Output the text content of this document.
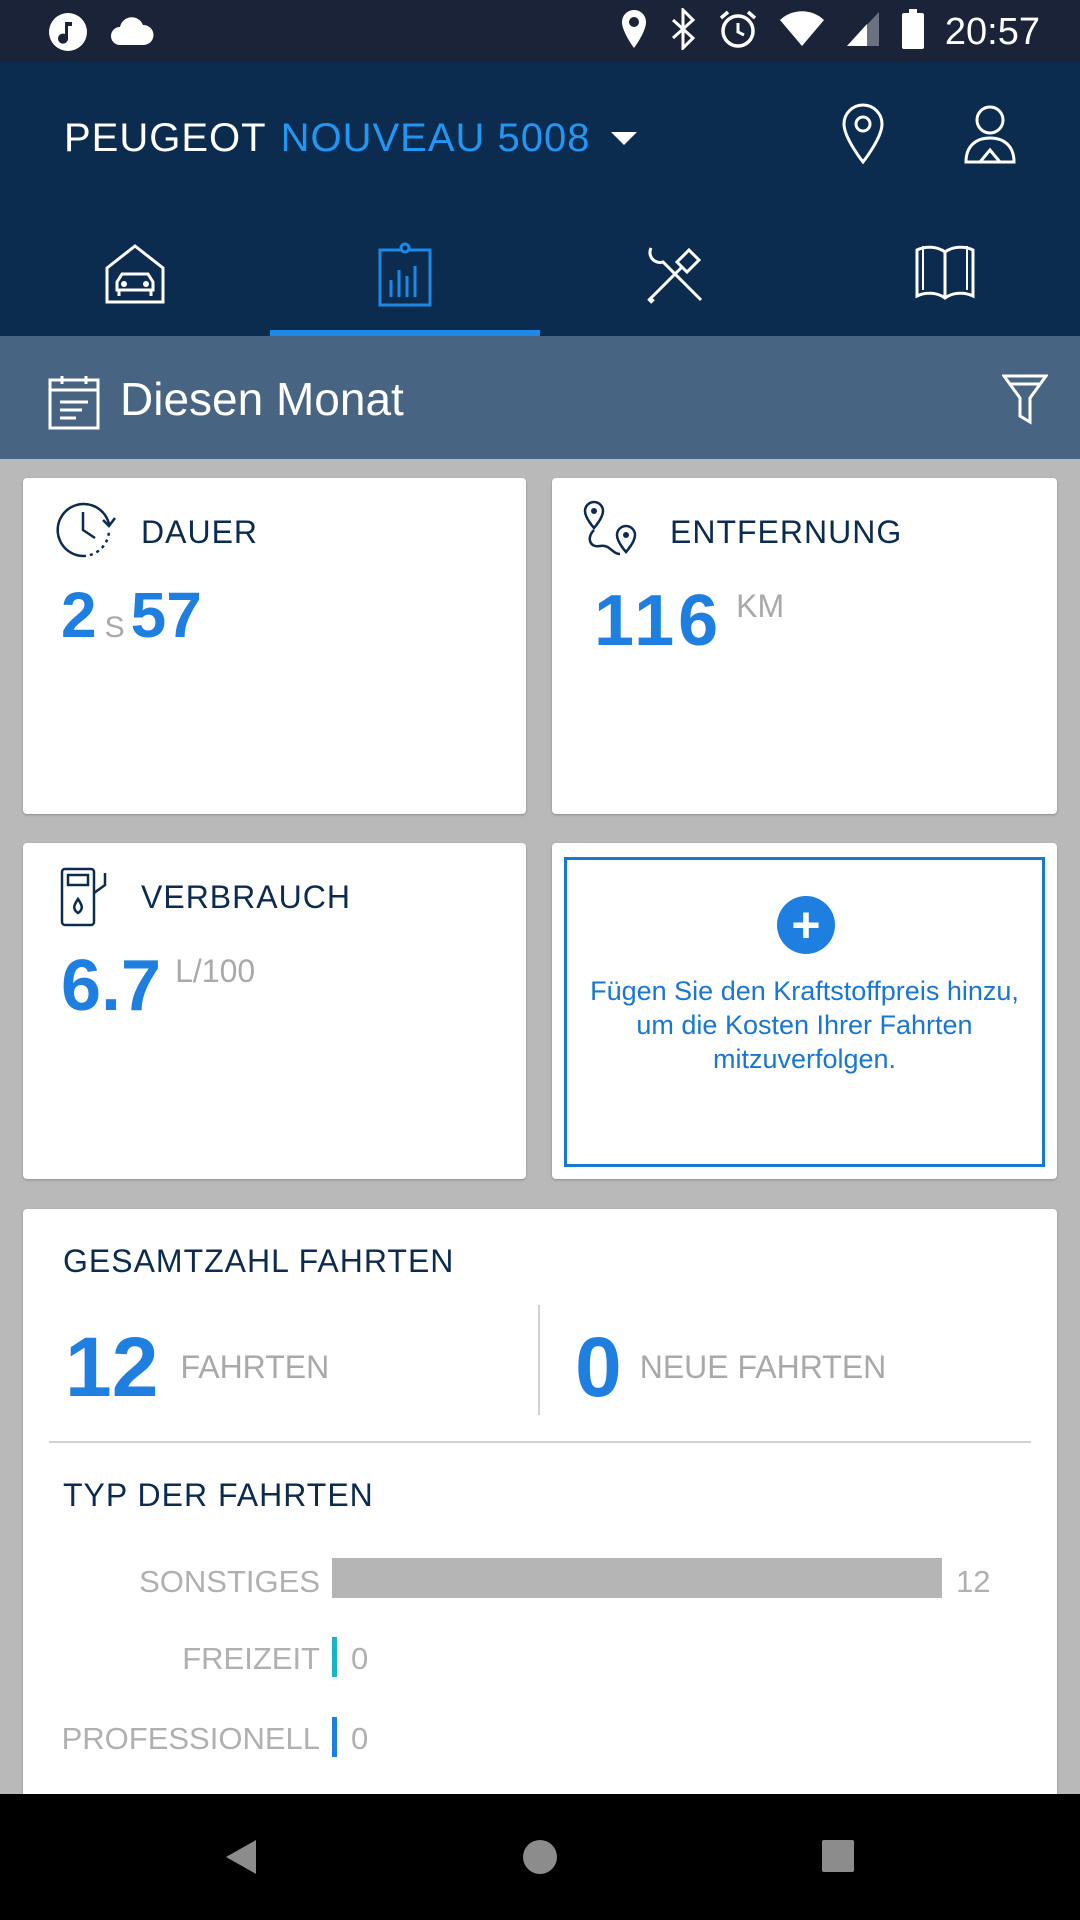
20:57
PEUGEOT NOUVEAU 5008
Diesen Monat
DAUER
2 S 57
ENTFERNUNG
116 KM
VERBRAUCH
6.7 L/100
+
Fügen Sie den Kraftstoffpreis hinzu, um die Kosten Ihrer Fahrten mitzuverfolgen.
GESAMTZAHL FAHRTEN
12 FAHRTEN	0 NEUE FAHRTEN
TYP DER FAHRTEN
SONSTIGES	12
FREIZEIT 0
PROFESSIONELL 0
